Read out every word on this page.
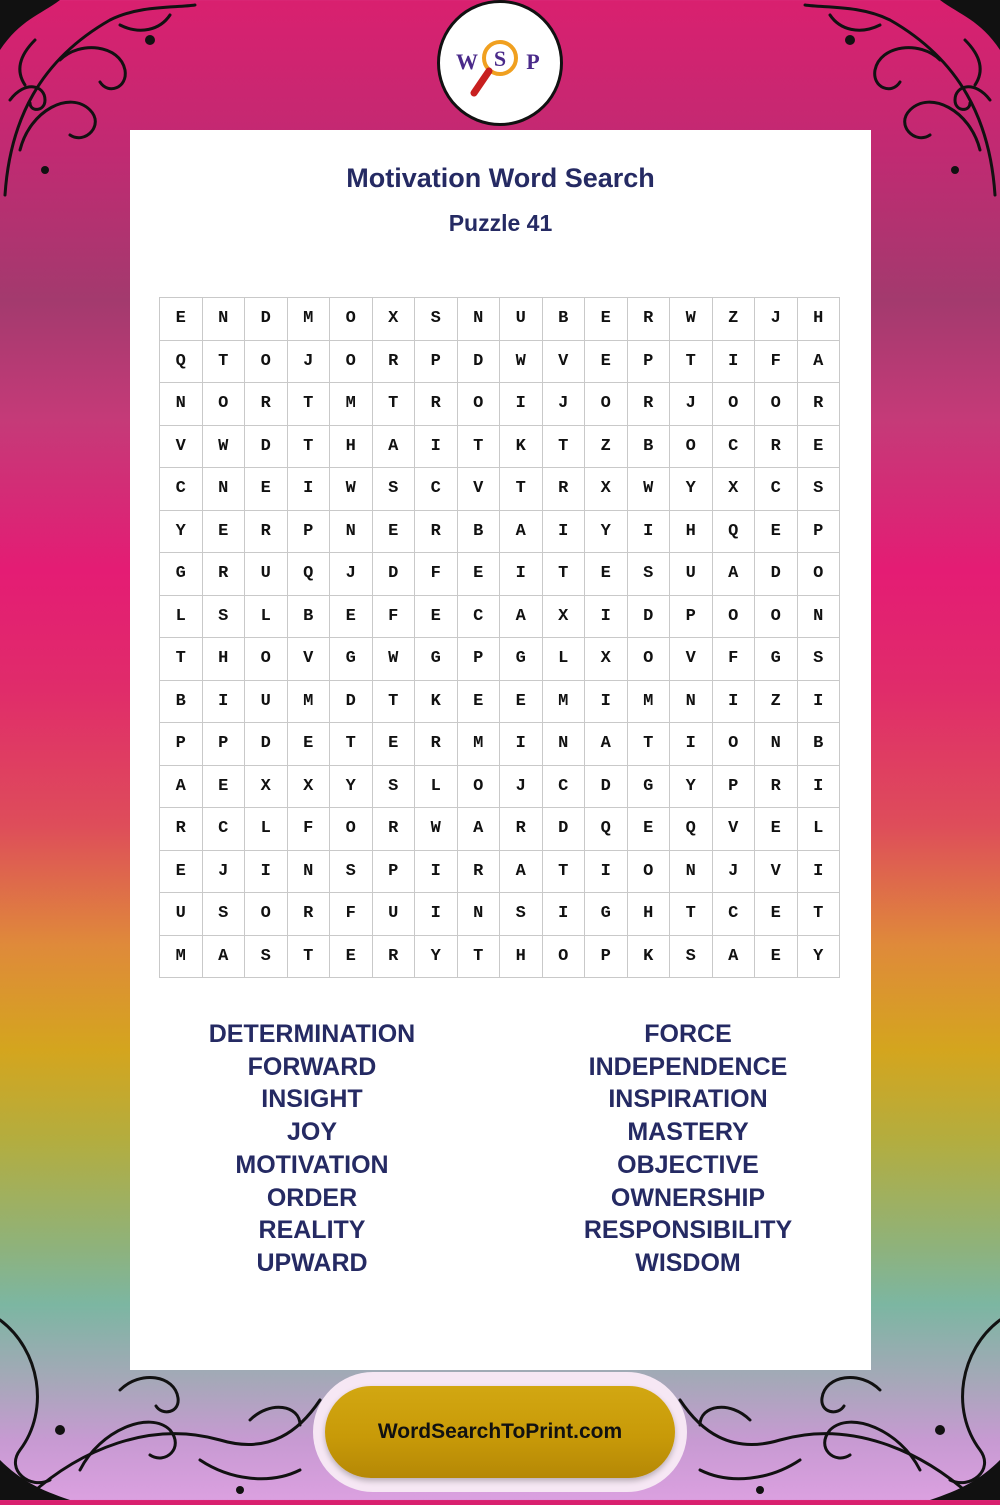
W S P
Motivation Word Search
Puzzle 41
E	N	D	M	O	X	S	N	U	B	E	R	W	Z	J	H
Q	T	O	J	O	R	P	D	W	V	E	P	T	I	F	A
N	O	R	T	M	T	R	O	I	J	O	R	J	O	O	R
V	W	D	T	H	A	I	T	K	T	Z	B	O	C	R	E
C	N	E	I	W	S	C	V	T	R	X	W	Y	X	C	S
Y	E	R	P	N	E	R	B	A	I	Y	I	H	Q	E	P
G	R	U	Q	J	D	F	E	I	T	E	S	U	A	D	O
L	S	L	B	E	F	E	C	A	X	I	D	P	O	O	N
T	H	O	V	G	W	G	P	G	L	X	O	V	F	G	S
B	I	U	M	D	T	K	E	E	M	I	M	N	I	Z	I
P	P	D	E	T	E	R	M	I	N	A	T	I	O	N	B
A	E	X	X	Y	S	L	O	J	C	D	G	Y	P	R	I
R	C	L	F	O	R	W	A	R	D	Q	E	Q	V	E	L
E	J	I	N	S	P	I	R	A	T	I	O	N	J	V	I
U	S	O	R	F	U	I	N	S	I	G	H	T	C	E	T
M	A	S	T	E	R	Y	T	H	O	P	K	S	A	E	Y
DETERMINATION
FORWARD
INSIGHT
JOY
MOTIVATION
ORDER
REALITY
UPWARD
FORCE
INDEPENDENCE
INSPIRATION
MASTERY
OBJECTIVE
OWNERSHIP
RESPONSIBILITY
WISDOM
WordSearchToPrint.com
